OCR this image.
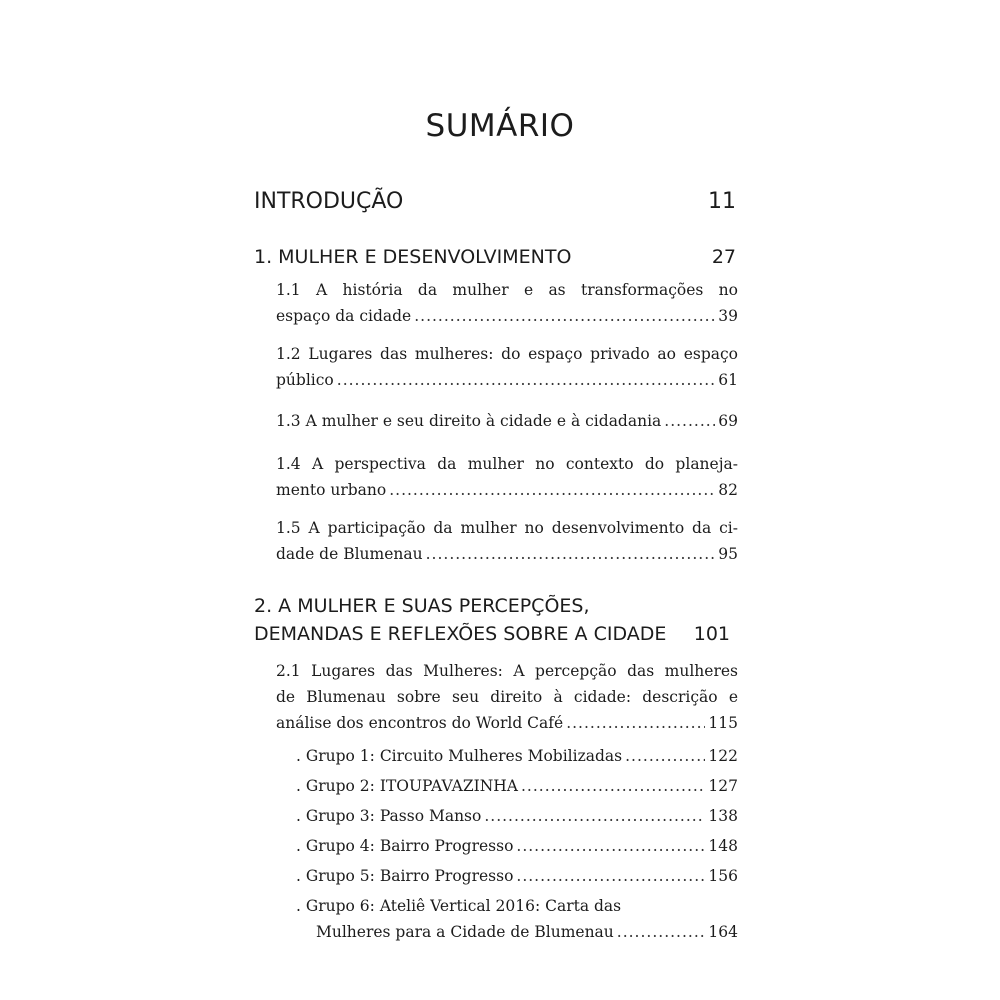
SUMÁRIO
INTRODUÇÃO	11
1. MULHER E DESENVOLVIMENTO	27
1.1 A história da mulher e as transformações no
espaço da cidade .....	39
1.2 Lugares das mulheres: do espaço privado ao espaço
público .....	61
1.3 A mulher e seu direito à cidade e à cidadania .....	69
1.4 A perspectiva da mulher no contexto do planeja-
mento urbano .....	82
1.5 A participação da mulher no desenvolvimento da ci-
dade de Blumenau .....	95
2. A MULHER E SUAS PERCEPÇÕES,
DEMANDAS E REFLEXÕES SOBRE A CIDADE 101
2.1 Lugares das Mulheres: A percepção das mulheres
de Blumenau sobre seu direito à cidade: descrição e
análise dos encontros do World Café .....	115
. Grupo 1: Circuito Mulheres Mobilizadas .....	122
. Grupo 2: ITOUPAVAZINHA .....	127
. Grupo 3: Passo Manso .....	138
. Grupo 4: Bairro Progresso .....	148
. Grupo 5: Bairro Progresso .....	156
. Grupo 6: Ateliê Vertical 2016: Carta das
Mulheres para a Cidade de Blumenau .....	164
